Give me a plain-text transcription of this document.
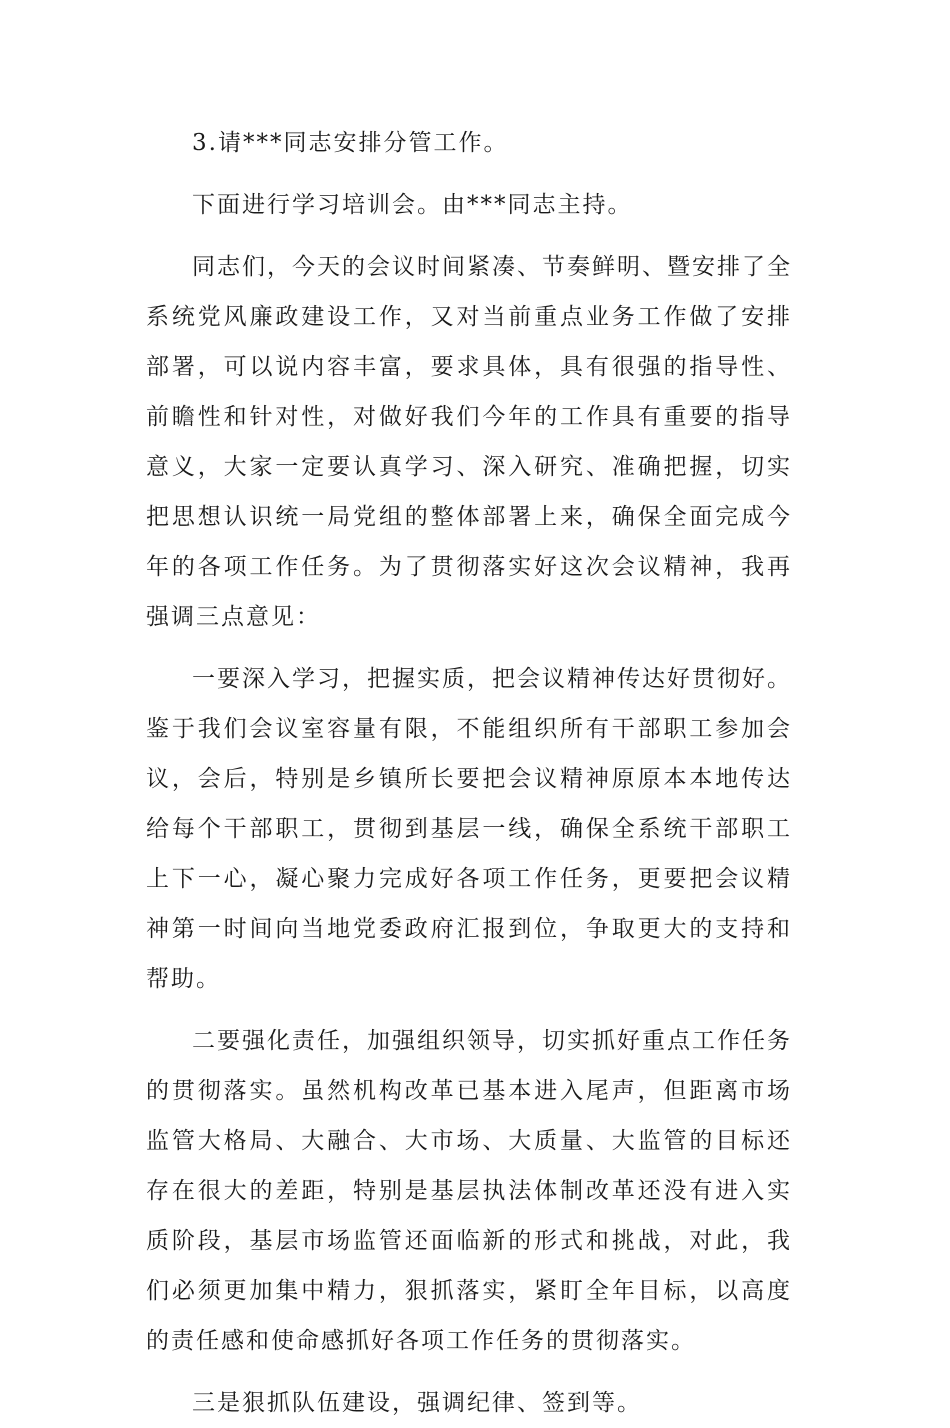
3.请***同志安排分管工作。

下面进行学习培训会。由***同志主持。

同志们，今天的会议时间紧凑、节奏鲜明、暨安排了全系统党风廉政建设工作，又对当前重点业务工作做了安排部署，可以说内容丰富，要求具体，具有很强的指导性、前瞻性和针对性，对做好我们今年的工作具有重要的指导意义，大家一定要认真学习、深入研究、准确把握，切实把思想认识统一局党组的整体部署上来，确保全面完成今年的各项工作任务。为了贯彻落实好这次会议精神，我再强调三点意见：

一要深入学习，把握实质，把会议精神传达好贯彻好。鉴于我们会议室容量有限，不能组织所有干部职工参加会议，会后，特别是乡镇所长要把会议精神原原本本地传达给每个干部职工，贯彻到基层一线，确保全系统干部职工上下一心，凝心聚力完成好各项工作任务，更要把会议精神第一时间向当地党委政府汇报到位，争取更大的支持和帮助。

二要强化责任，加强组织领导，切实抓好重点工作任务的贯彻落实。虽然机构改革已基本进入尾声，但距离市场监管大格局、大融合、大市场、大质量、大监管的目标还存在很大的差距，特别是基层执法体制改革还没有进入实质阶段，基层市场监管还面临新的形式和挑战，对此，我们必须更加集中精力，狠抓落实，紧盯全年目标，以高度的责任感和使命感抓好各项工作任务的贯彻落实。

三是狠抓队伍建设，强调纪律、签到等。
